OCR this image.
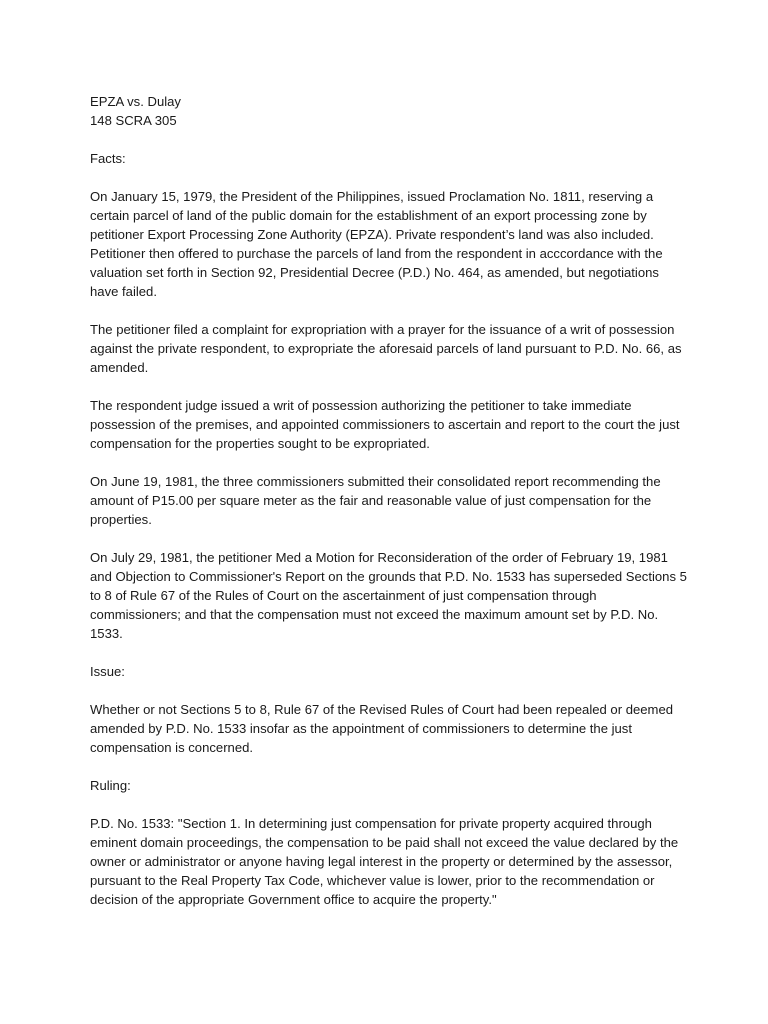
EPZA vs. Dulay

148 SCRA 305

Facts:

On January 15, 1979, the President of the Philippines, issued Proclamation No. 1811, reserving a certain parcel of land of the public domain for the establishment of an export processing zone by petitioner Export Processing Zone Authority (EPZA). Private respondent’s land was also included. Petitioner then offered to purchase the parcels of land from the respondent in acccordance with the valuation set forth in Section 92, Presidential Decree (P.D.) No. 464, as amended, but negotiations have failed.

The petitioner filed a complaint for expropriation with a prayer for the issuance of a writ of possession against the private respondent, to expropriate the aforesaid parcels of land pursuant to P.D. No. 66, as amended.

The respondent judge issued a writ of possession authorizing the petitioner to take immediate possession of the premises, and appointed commissioners to ascertain and report to the court the just compensation for the properties sought to be expropriated.

On June 19, 1981, the three commissioners submitted their consolidated report recommending the amount of P15.00 per square meter as the fair and reasonable value of just compensation for the properties.

On July 29, 1981, the petitioner Med a Motion for Reconsideration of the order of February 19, 1981 and Objection to Commissioner's Report on the grounds that P.D. No. 1533 has superseded Sections 5 to 8 of Rule 67 of the Rules of Court on the ascertainment of just compensation through commissioners; and that the compensation must not exceed the maximum amount set by P.D. No. 1533.

Issue:

Whether or not Sections 5 to 8, Rule 67 of the Revised Rules of Court had been repealed or deemed amended by P.D. No. 1533 insofar as the appointment of commissioners to determine the just compensation is concerned.

Ruling:

P.D. No. 1533: "Section 1. In determining just compensation for private property acquired through eminent domain proceedings, the compensation to be paid shall not exceed the value declared by the owner or administrator or anyone having legal interest in the property or determined by the assessor, pursuant to the Real Property Tax Code, whichever value is lower, prior to the recommendation or decision of the appropriate Government office to acquire the property."
